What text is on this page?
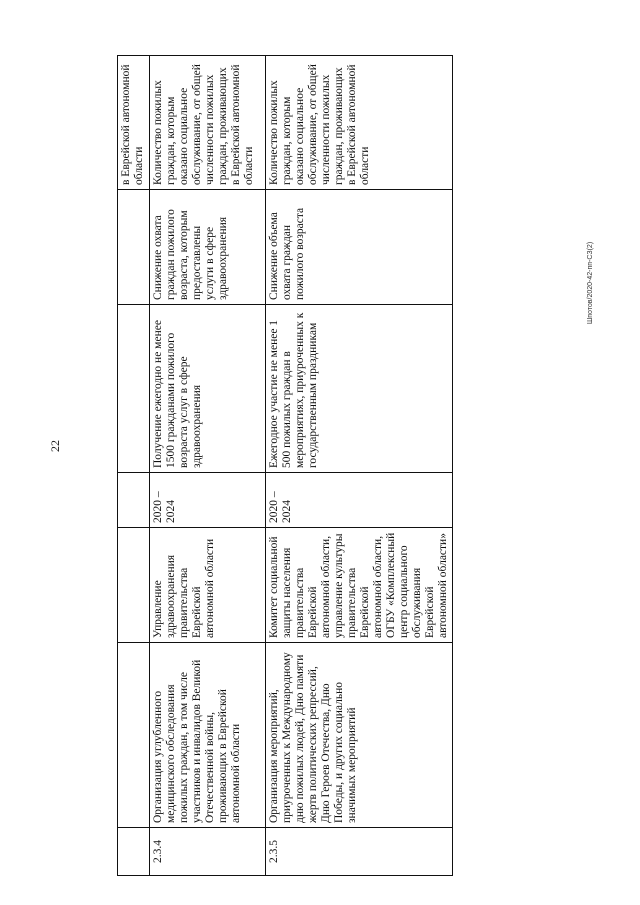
22
Шпотов/2020-42-пп-СЗ(2)
						в Еврейской автономной области
2.3.4	Организация углубленного медицинского обследования пожилых граждан, в том числе участников и инвалидов Великой Отечественной войны, проживающих в Еврейской автономной области	Управление здравоохранения правительства Еврейской автономной области	2020 – 2024	Получение ежегодно не менее 1500 гражданами пожилого возраста услуг в сфере здравоохранения	Снижение охвата граждан пожилого возраста, которым предоставлены услуги в сфере здравоохранения	Количество пожилых граждан, которым оказано социальное обслуживание, от общей численности пожилых граждан, проживающих в Еврейской автономной области
2.3.5	Организация мероприятий, приуроченных к Международному дню пожилых людей, Дню памяти жертв политических репрессий, Дню Героев Отечества, Дню Победы, и других социально значимых мероприятий	Комитет социальной защиты населения правительства Еврейской автономной области, управление культуры правительства Еврейской автономной области, ОГБУ «Комплексный центр социального обслуживания Еврейской автономной области»	2020 – 2024	Ежегодное участие не менее 1 500 пожилых граждан в мероприятиях, приуроченных к государственным праздникам	Снижение объема охвата граждан пожилого возраста	Количество пожилых граждан, которым оказано социальное обслуживание, от общей численности пожилых граждан, проживающих в Еврейской автономной области
